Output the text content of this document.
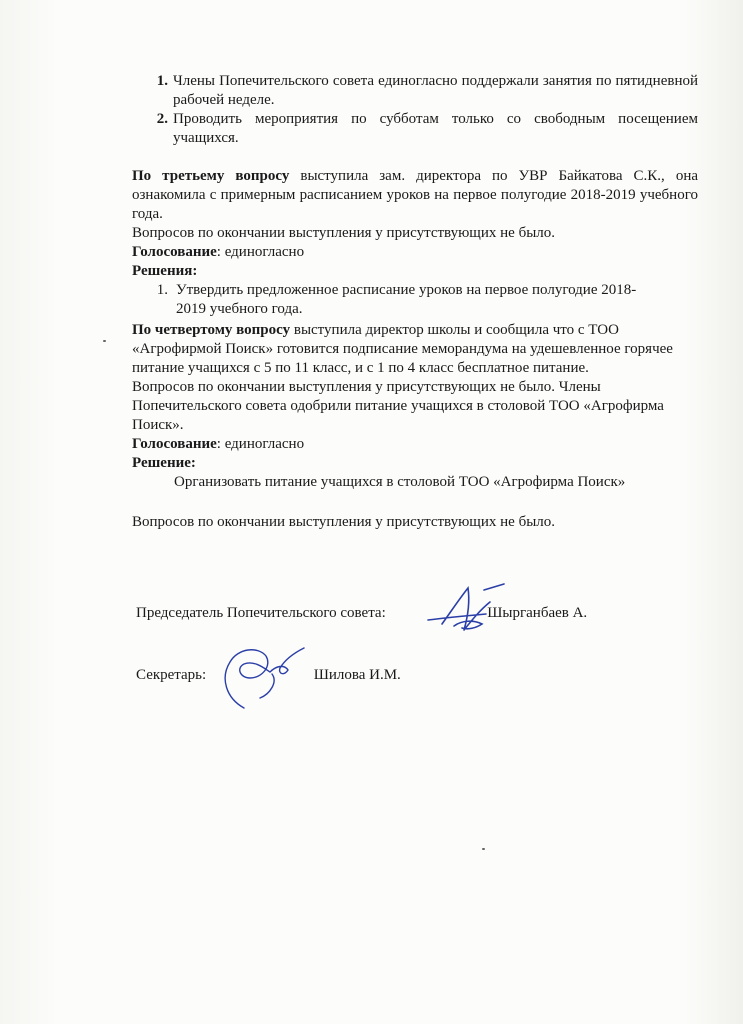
1. Члены Попечительского совета единогласно поддержали занятия по пятидневной рабочей неделе.
2. Проводить мероприятия по субботам только со свободным посещением учащихся.

По третьему вопросу выступила зам. директора по УВР Байкатова С.К., она ознакомила с примерным расписанием уроков на первое полугодие 2018-2019 учебного года.

Вопросов по окончании выступления у присутствующих не было.

Голосование: единогласно

Решения:

1. Утвердить предложенное расписание уроков на первое полугодие 2018-2019 учебного года.

По четвертому вопросу выступила директор школы и сообщила что с ТОО «Агрофирмой Поиск» готовится подписание меморандума на удешевленное горячее питание учащихся с 5 по 11 класс, и с 1 по 4 класс бесплатное питание.

Вопросов по окончании выступления у присутствующих не было. Члены Попечительского совета одобрили питание учащихся в столовой ТОО «Агрофирма Поиск».

Голосование: единогласно

Решение:

Организовать питание учащихся в столовой ТОО «Агрофирма Поиск»

Вопросов по окончании выступления у присутствующих не было.

Председатель Попечительского совета:	Шырганбаев А.
Секретарь:	Шилова И.М.
